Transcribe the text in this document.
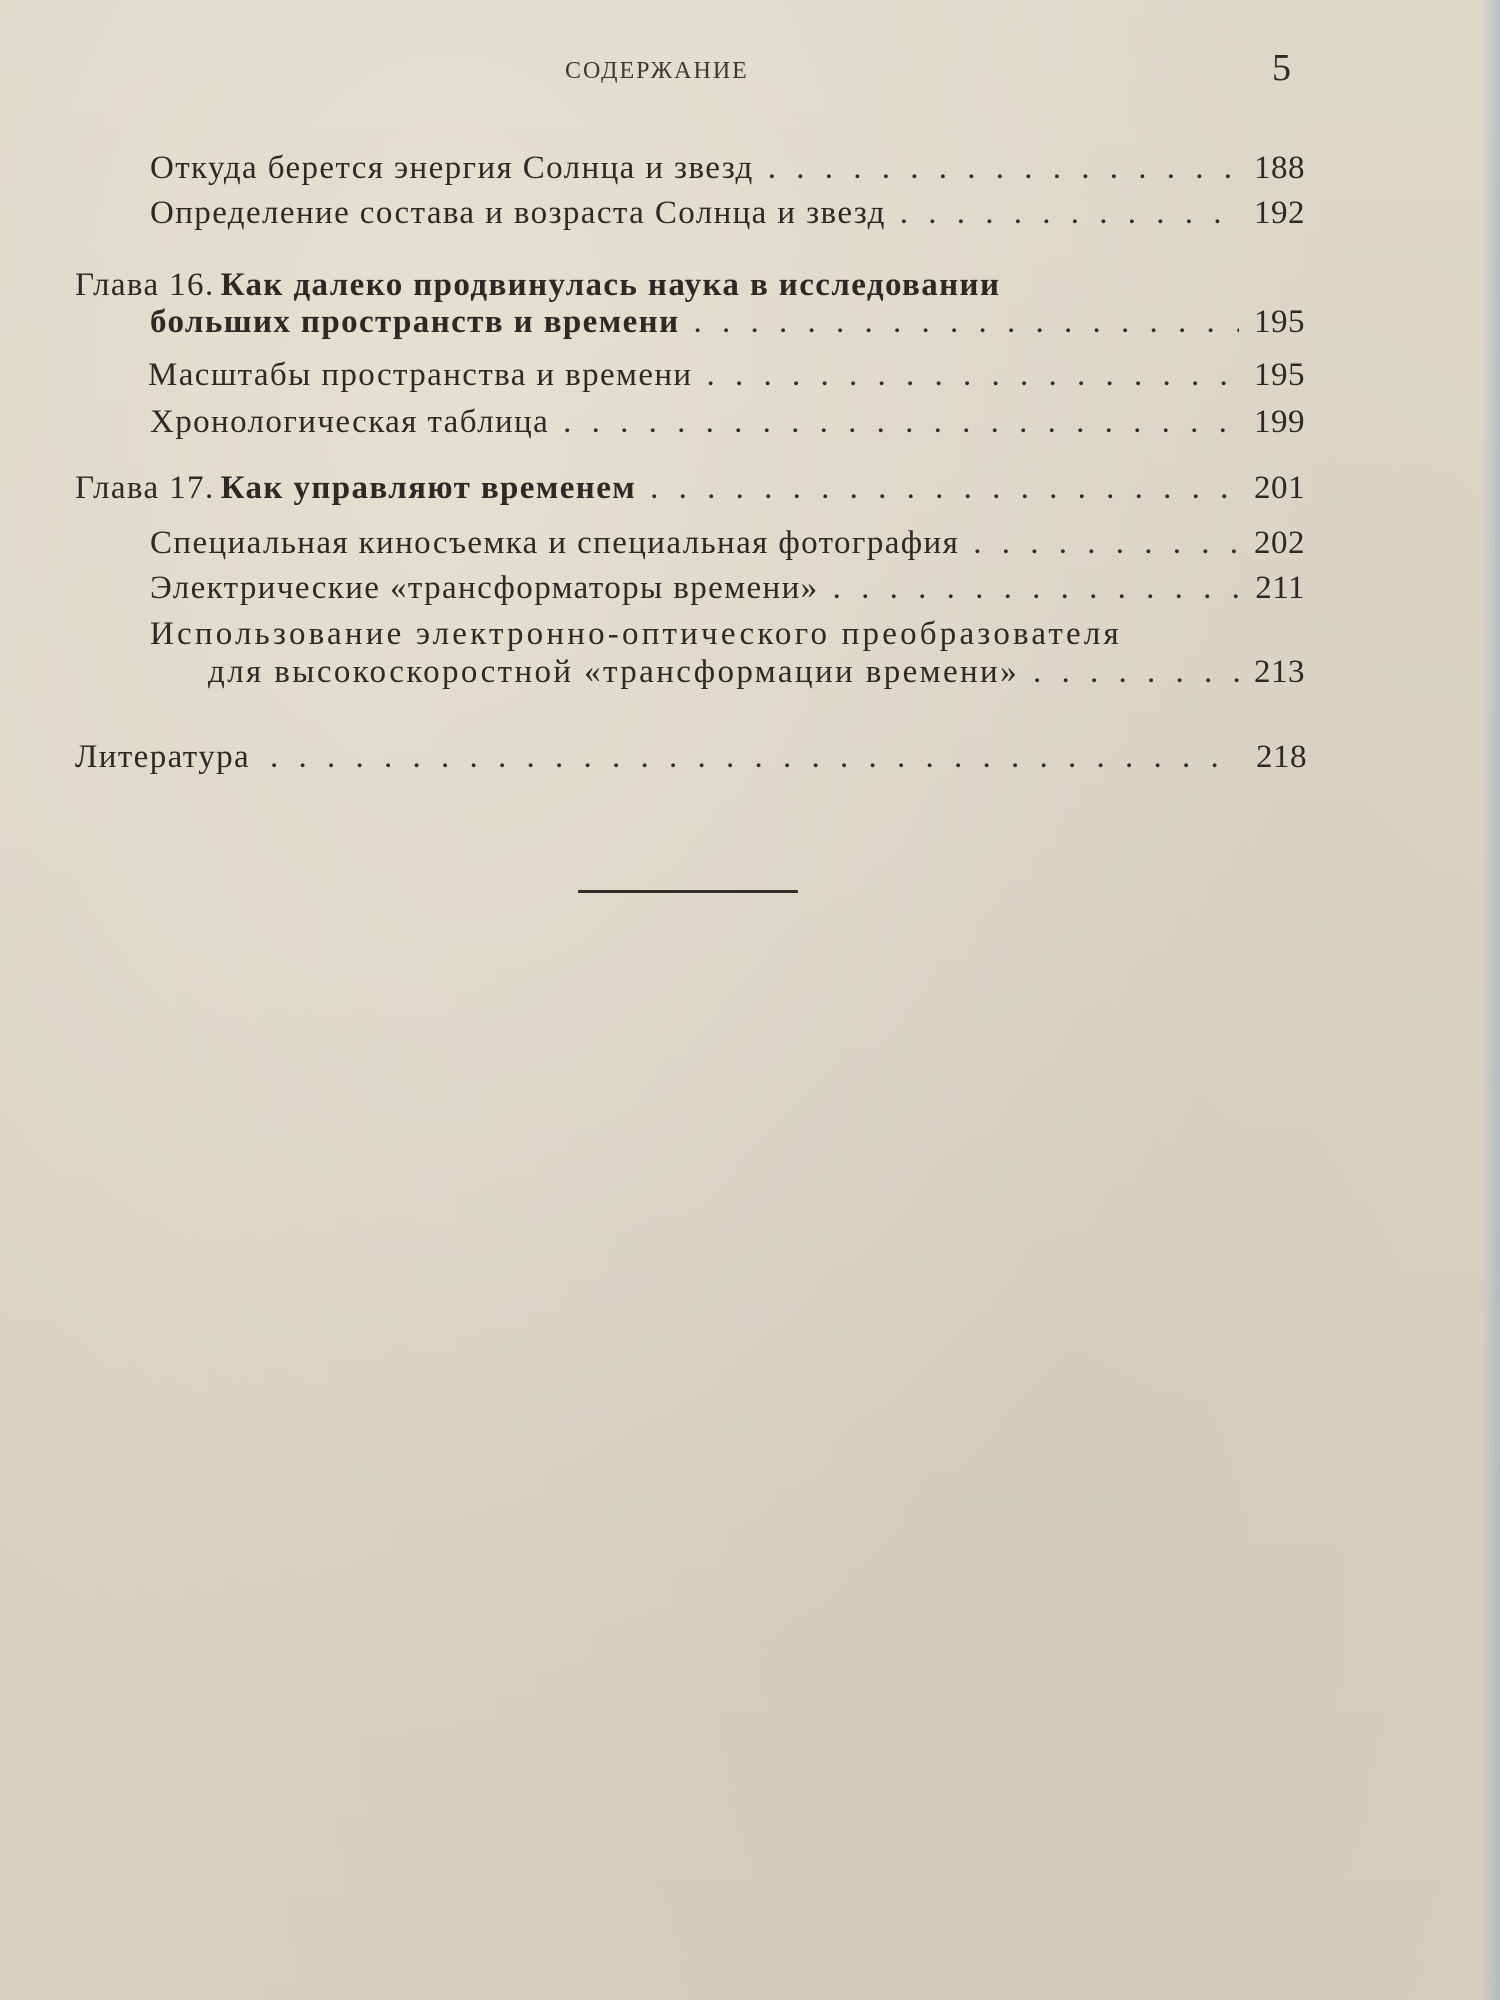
СОДЕРЖАНИЕ	5
Откуда берется энергия Солнца и звезд . . .	188
Определение состава и возраста Солнца и звезд . . .	192
Глава 16. Как далеко продвинулась наука в исследовании
больших пространств и времени . . .	195
Масштабы пространства и времени . . .	195
Хронологическая таблица . . .	199
Глава 17. Как управляют временем . . .	201
Специальная киносъемка и специальная фотография . . .	202
Электрические «трансформаторы времени» . . .	211
Использование электронно-оптического преобразователя
для высокоскоростной «трансформации времени» . . .	213
Литература . . .	218
